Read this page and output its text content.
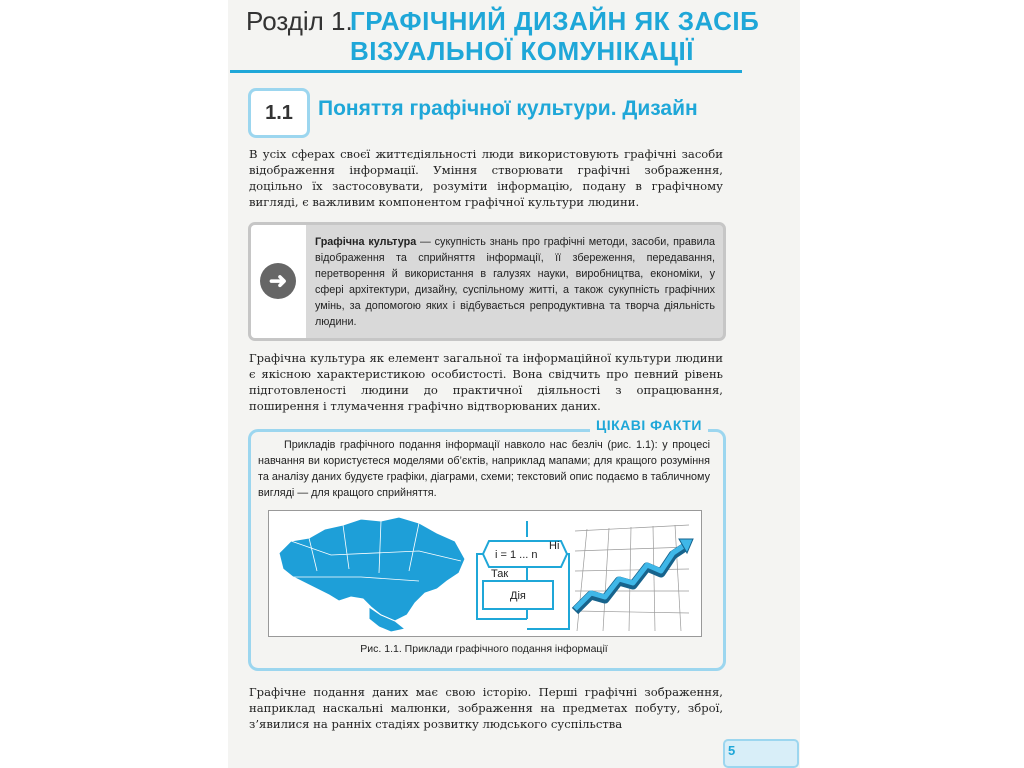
Розділ 1.
ГРАФІЧНИЙ ДИЗАЙН ЯК ЗАСІБ ВІЗУАЛЬНОЇ КОМУНІКАЦІЇ
1.1 Поняття графічної культури. Дизайн

В усіх сферах своєї життєдіяльності люди використовують графічні засоби відображення інформації. Уміння створювати графічні зображення, доцільно їх застосовувати, розуміти інформацію, подану в графічному вигляді, є важливим компонентом графічної культури людини.

➜
Графічна культура — сукупність знань про графічні методи, засоби, правила відображення та сприйняття інформації, її збереження, передавання, перетворення й використання в галузях науки, виробництва, економіки, у сфері архітектури, дизайну, суспільному житті, а також сукупність графічних умінь, за допомогою яких і відбувається репродуктивна та творча діяльність людини.

Графічна культура як елемент загальної та інформаційної культури людини є якісною характеристикою особистості. Вона свідчить про певний рівень підготовленості людини до практичної діяльності з опрацювання, поширення і тлумачення графічно відтворюваних даних.

ЦІКАВІ ФАКТИ
Прикладів графічного подання інформації навколо нас безліч (рис. 1.1): у процесі навчання ви користуєтеся моделями об’єктів, наприклад мапами; для кращого розуміння та аналізу даних будуєте графіки, діаграми, схеми; текстовий опис подаємо в табличному вигляді — для кращого сприйняття.
i = 1 ... n
Ні
Так
Дія
Рис. 1.1. Приклади графічного подання інформації

Графічне подання даних має свою історію. Перші графічні зображення, наприклад наскальні малюнки, зображення на предметах побуту, зброї, з’явилися на ранніх стадіях розвитку людського суспільства

5
